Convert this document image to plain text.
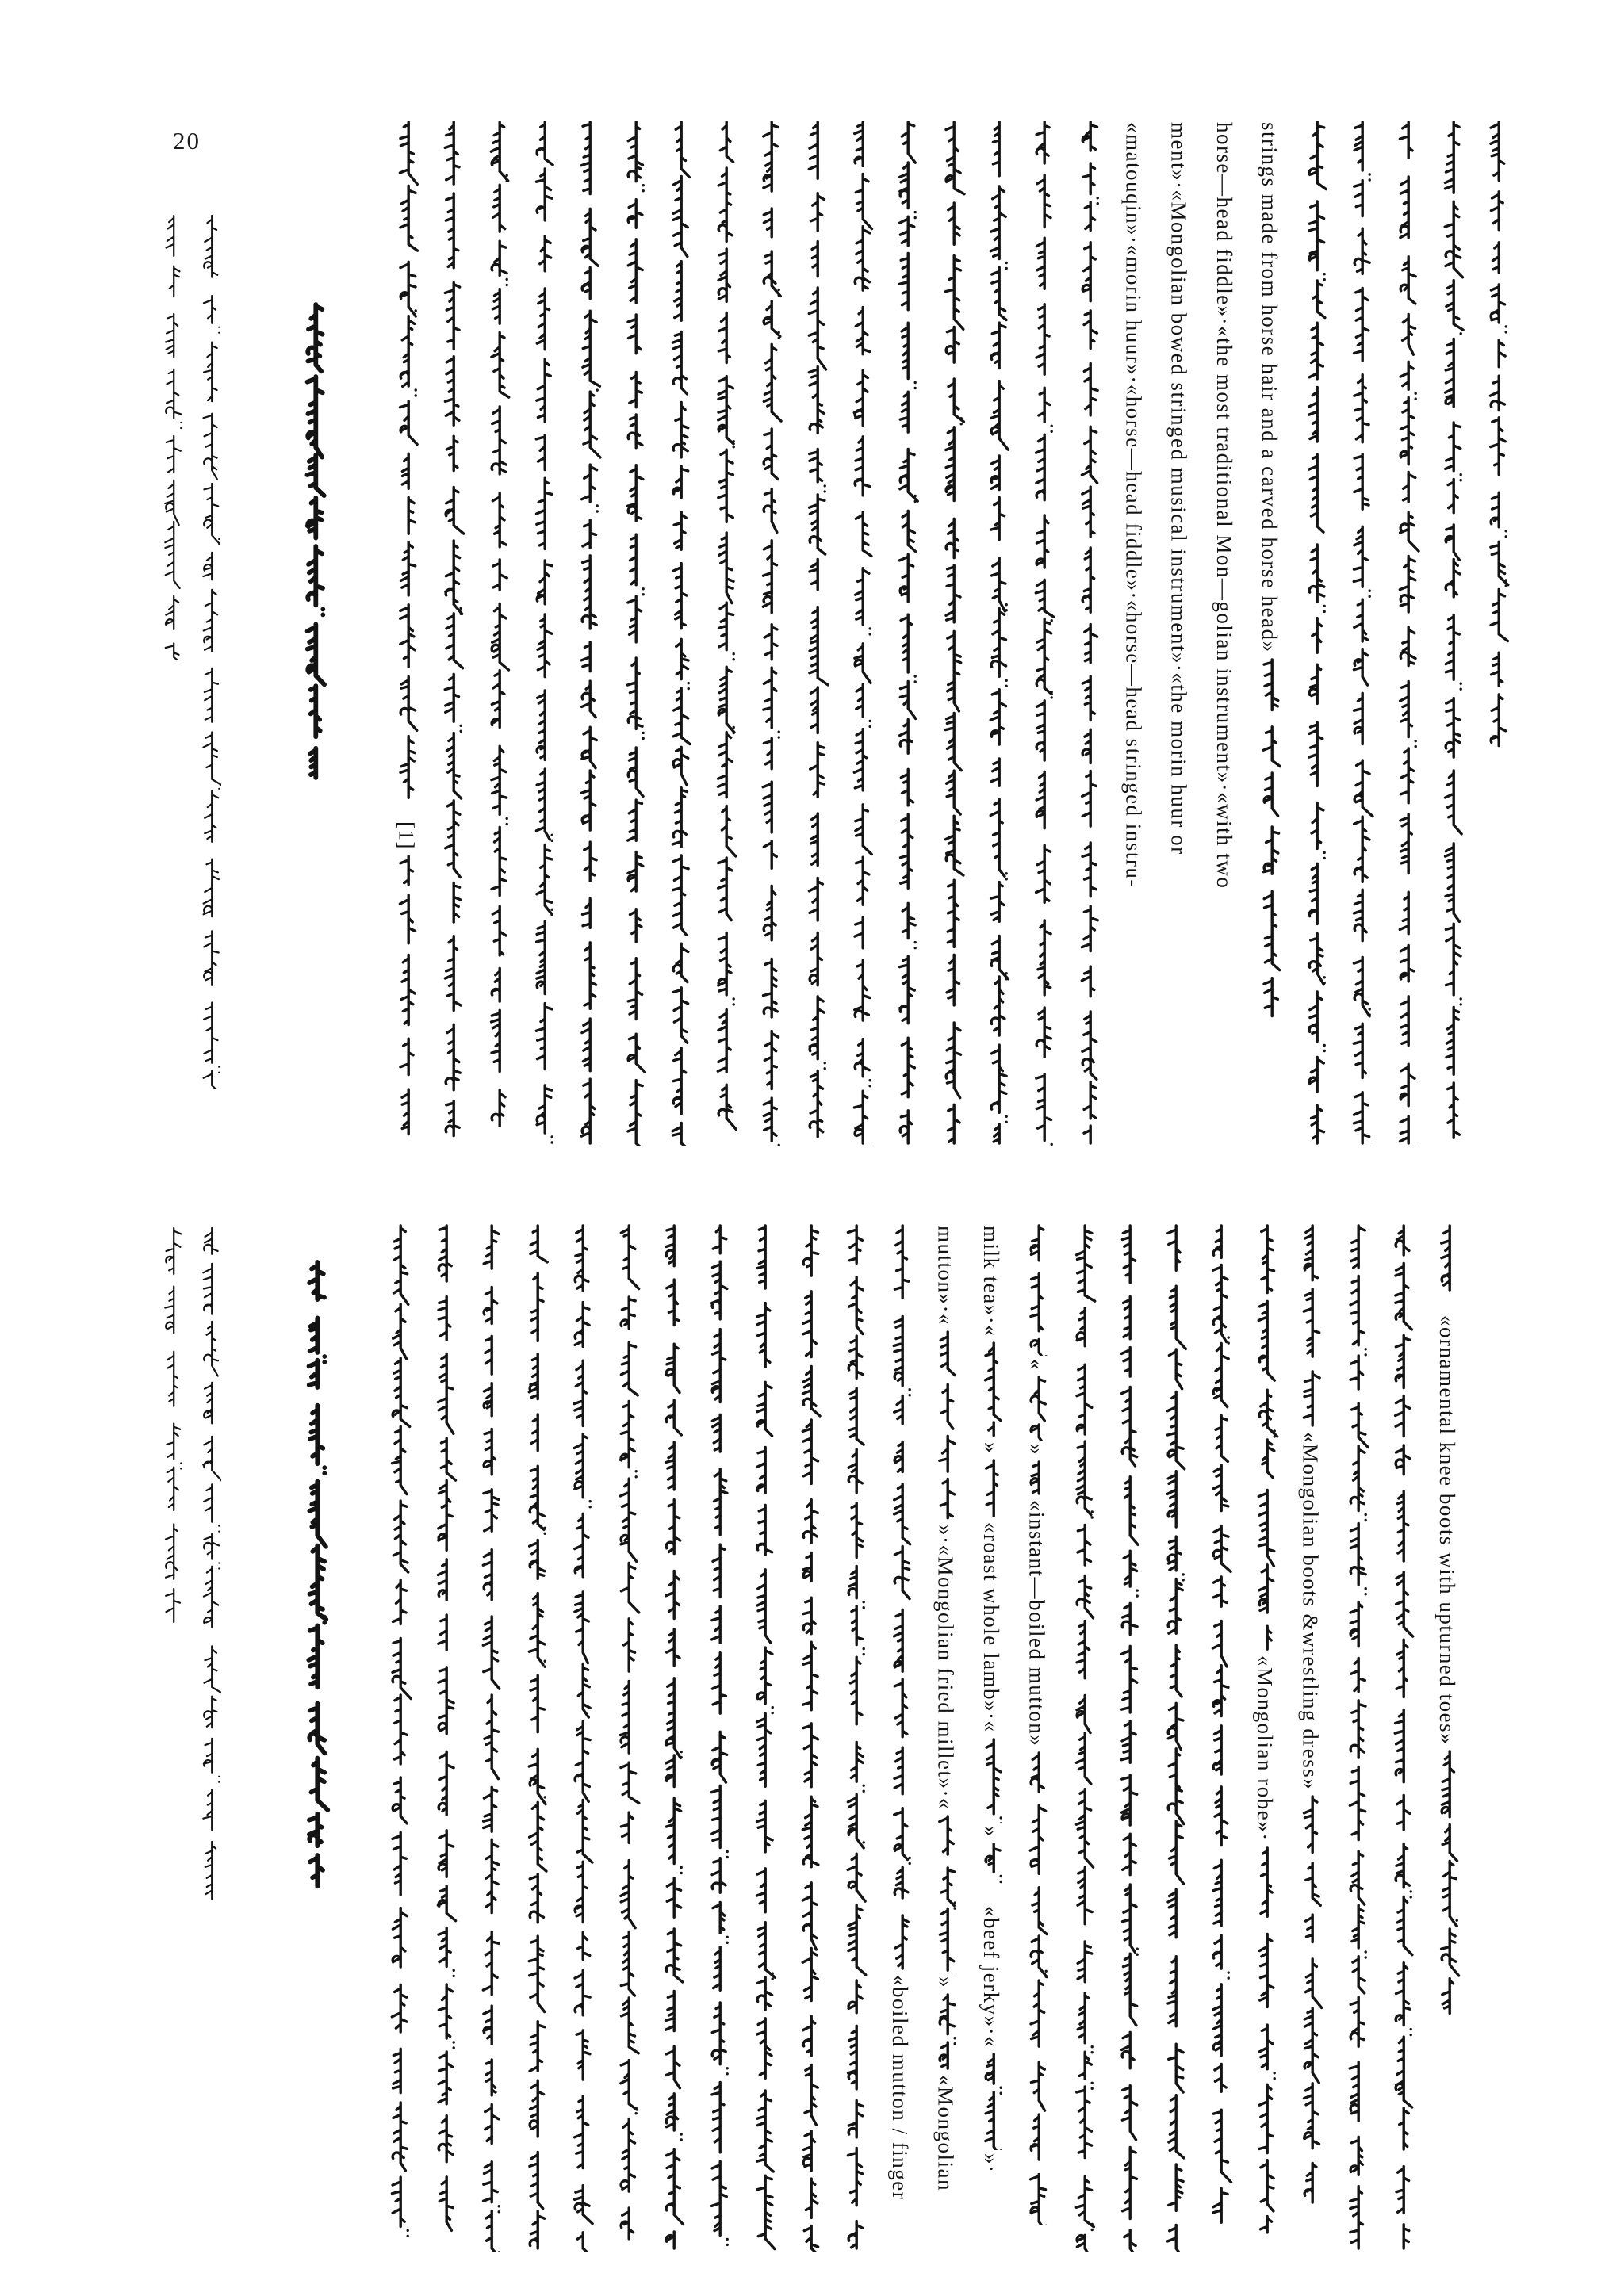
20
[1]	«matouqin»·«morin huur»·«horse—head fiddle»·«horse—head stringed instru- ment»·«Mongolian bowed stringed musical instrument»·«the morin huur or horse—head fiddle»·«the most traditional Mon—golian instrument»·«with two strings made from horse hair and a carved horse head»
«boiled mutton / finger
mutton»·«
»·«Mongolian fried millet»·«
»
«Mongolian
milk tea»·«
»
«roast whole lamb»·«
»
«beef jerky»·«
»·
«
»
«instant—boiled mutton»
«Mongolian robe»· «Mongolian boots &wrestling dress»	«ornamental knee boots with upturned toes»
